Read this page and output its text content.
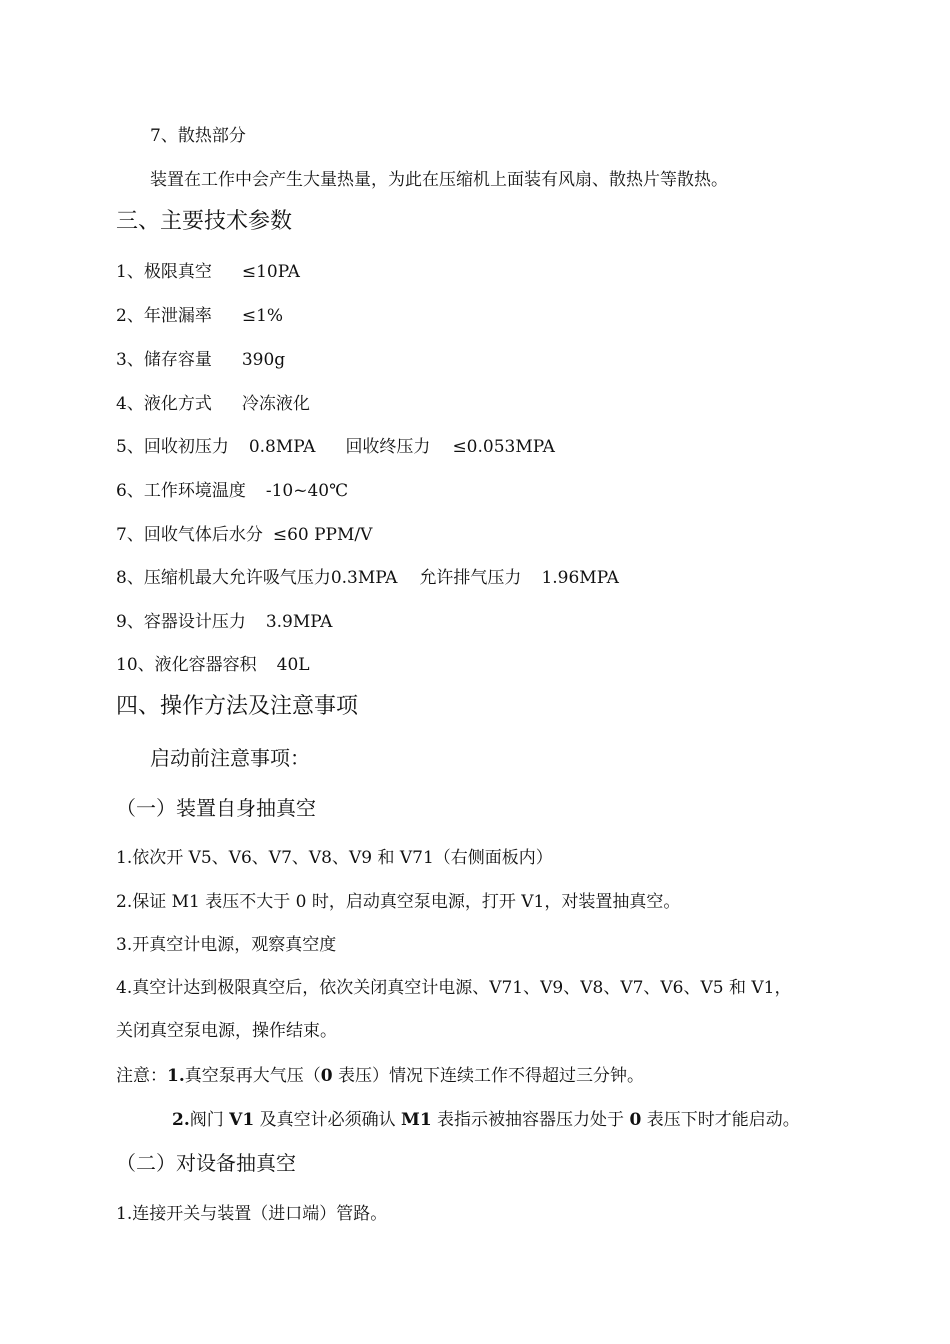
7、散热部分
装置在工作中会产生大量热量，为此在压缩机上面装有风扇、散热片等散热。
三、主要技术参数
1、极限真空 ≤10PA
2、年泄漏率 ≤1%
3、储存容量 390g
4、液化方式 冷冻液化
5、回收初压力 0.8MPA 回收终压力 ≤0.053MPA
6、工作环境温度 -10~40℃
7、回收气体后水分 ≤60 PPM/V
8、压缩机最大允许吸气压力0.3MPA 允许排气压力 1.96MPA
9、容器设计压力 3.9MPA
10、液化容器容积 40L
四、操作方法及注意事项
启动前注意事项：
（一）装置自身抽真空
1.依次开 V5、V6、V7、V8、V9 和 V71（右侧面板内）
2.保证 M1 表压不大于 0 时，启动真空泵电源，打开 V1，对装置抽真空。
3.开真空计电源，观察真空度
4.真空计达到极限真空后，依次关闭真空计电源、V71、V9、V8、V7、V6、V5 和 V1，
关闭真空泵电源，操作结束。
注意：1.真空泵再大气压（0 表压）情况下连续工作不得超过三分钟。
2.阀门 V1 及真空计必须确认 M1 表指示被抽容器压力处于 0 表压下时才能启动。
（二）对设备抽真空
1.连接开关与装置（进口端）管路。
